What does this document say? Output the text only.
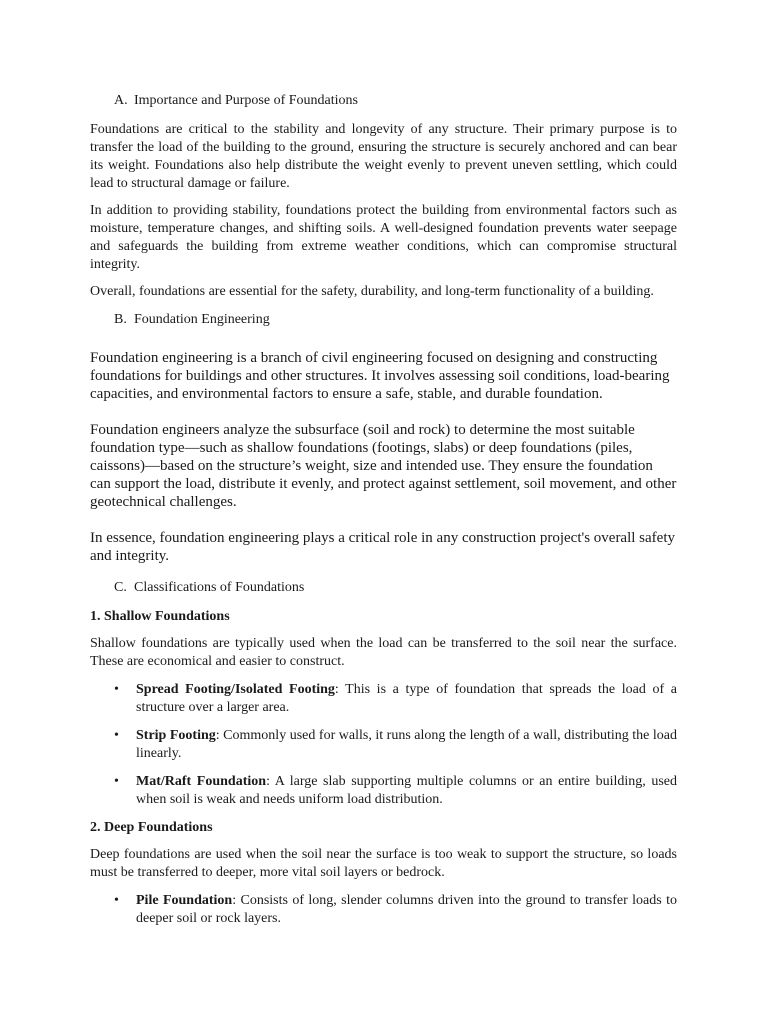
A. Importance and Purpose of Foundations

Foundations are critical to the stability and longevity of any structure. Their primary purpose is to transfer the load of the building to the ground, ensuring the structure is securely anchored and can bear its weight. Foundations also help distribute the weight evenly to prevent uneven settling, which could lead to structural damage or failure.

In addition to providing stability, foundations protect the building from environmental factors such as moisture, temperature changes, and shifting soils. A well-designed foundation prevents water seepage and safeguards the building from extreme weather conditions, which can compromise structural integrity.

Overall, foundations are essential for the safety, durability, and long-term functionality of a building.

B. Foundation Engineering

Foundation engineering is a branch of civil engineering focused on designing and constructing foundations for buildings and other structures. It involves assessing soil conditions, load-bearing capacities, and environmental factors to ensure a safe, stable, and durable foundation.

Foundation engineers analyze the subsurface (soil and rock) to determine the most suitable foundation type—such as shallow foundations (footings, slabs) or deep foundations (piles, caissons)—based on the structure’s weight, size and intended use. They ensure the foundation can support the load, distribute it evenly, and protect against settlement, soil movement, and other geotechnical challenges.

In essence, foundation engineering plays a critical role in any construction project's overall safety and integrity.

C. Classifications of Foundations

1. Shallow Foundations

Shallow foundations are typically used when the load can be transferred to the soil near the surface. These are economical and easier to construct.

• Spread Footing/Isolated Footing: This is a type of foundation that spreads the load of a structure over a larger area.
• Strip Footing: Commonly used for walls, it runs along the length of a wall, distributing the load linearly.
• Mat/Raft Foundation: A large slab supporting multiple columns or an entire building, used when soil is weak and needs uniform load distribution.

2. Deep Foundations

Deep foundations are used when the soil near the surface is too weak to support the structure, so loads must be transferred to deeper, more vital soil layers or bedrock.

• Pile Foundation: Consists of long, slender columns driven into the ground to transfer loads to deeper soil or rock layers.
